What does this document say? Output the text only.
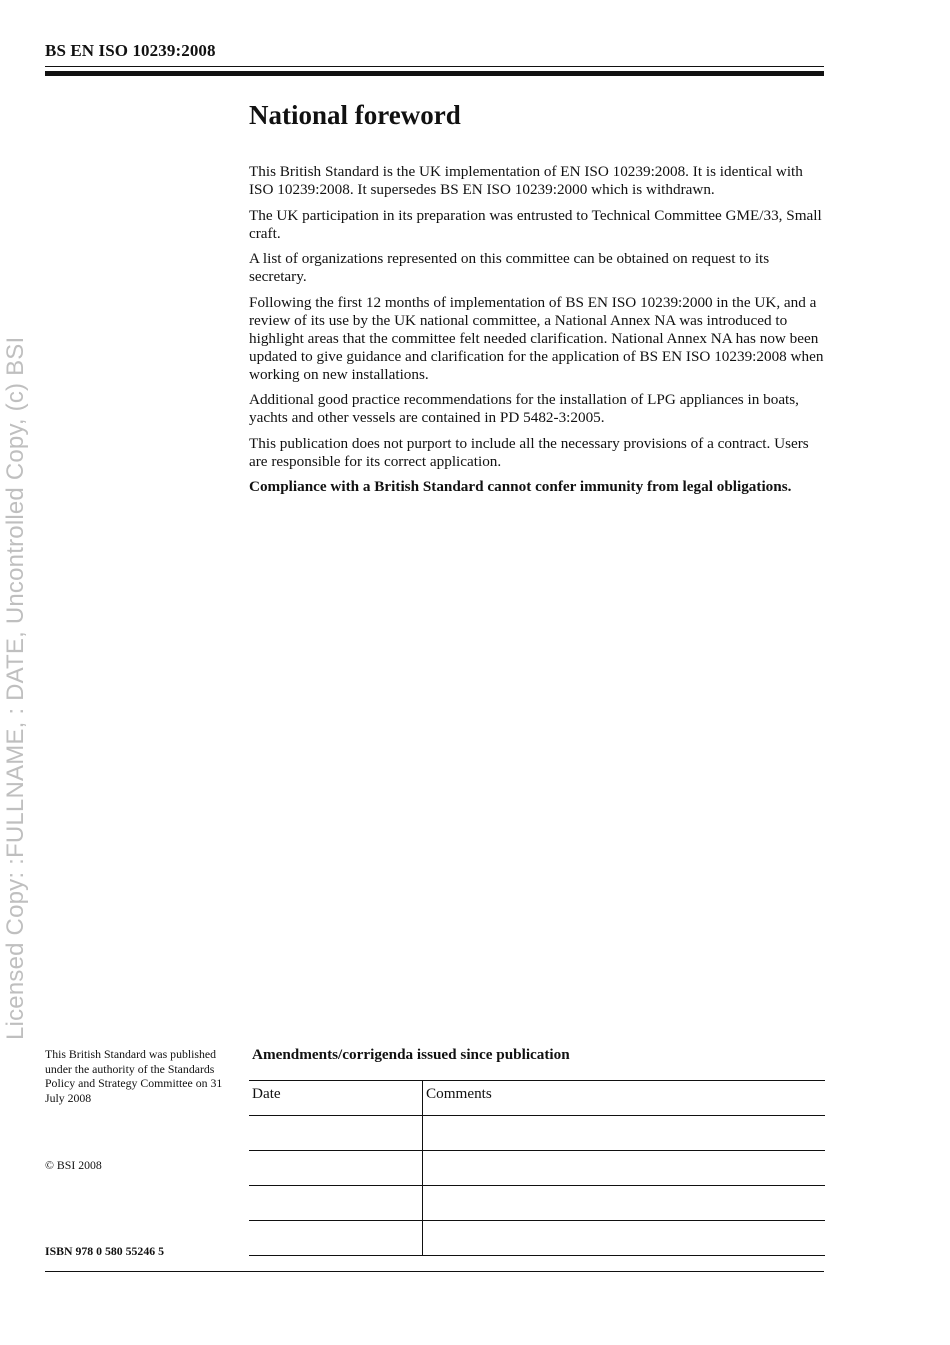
BS EN ISO 10239:2008
Licensed Copy: :FULLNAME, : DATE, Uncontrolled Copy, (c) BSI
National foreword

This British Standard is the UK implementation of EN ISO 10239:2008. It is identical with ISO 10239:2008. It supersedes BS EN ISO 10239:2000 which is withdrawn.

The UK participation in its preparation was entrusted to Technical Committee GME/33, Small craft.

A list of organizations represented on this committee can be obtained on request to its secretary.

Following the first 12 months of implementation of BS EN ISO 10239:2000 in the UK, and a review of its use by the UK national committee, a National Annex NA was introduced to highlight areas that the committee felt needed clarification. National Annex NA has now been updated to give guidance and clarification for the application of BS EN ISO 10239:2008 when working on new installations.

Additional good practice recommendations for the installation of LPG appliances in boats, yachts and other vessels are contained in PD 5482-3:2005.

This publication does not purport to include all the necessary provisions of a contract. Users are responsible for its correct application.

Compliance with a British Standard cannot confer immunity from legal obligations.

This British Standard was published under the authority of the Standards Policy and Strategy Committee on 31 July 2008
© BSI 2008
ISBN 978 0 580 55246 5
Amendments/corrigenda issued since publication
Date	Comments
